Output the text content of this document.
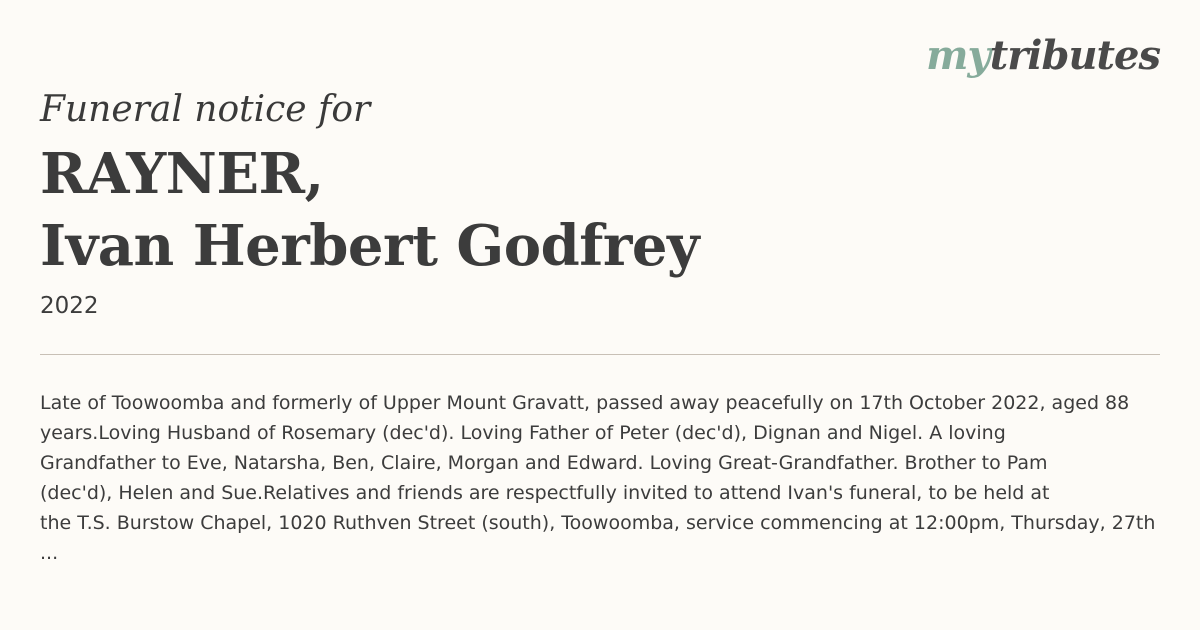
mytributes

Funeral notice for

RAYNER,
Ivan Herbert Godfrey
2022

Late of Toowoomba and formerly of Upper Mount Gravatt, passed away peacefully on 17th October 2022, aged 88
years.Loving Husband of Rosemary (dec'd). Loving Father of Peter (dec'd), Dignan and Nigel. A loving
Grandfather to Eve, Natarsha, Ben, Claire, Morgan and Edward. Loving Great-Grandfather. Brother to Pam
(dec'd), Helen and Sue.Relatives and friends are respectfully invited to attend Ivan's funeral, to be held at
the T.S. Burstow Chapel, 1020 Ruthven Street (south), Toowoomba, service commencing at 12:00pm, Thursday, 27th
...
